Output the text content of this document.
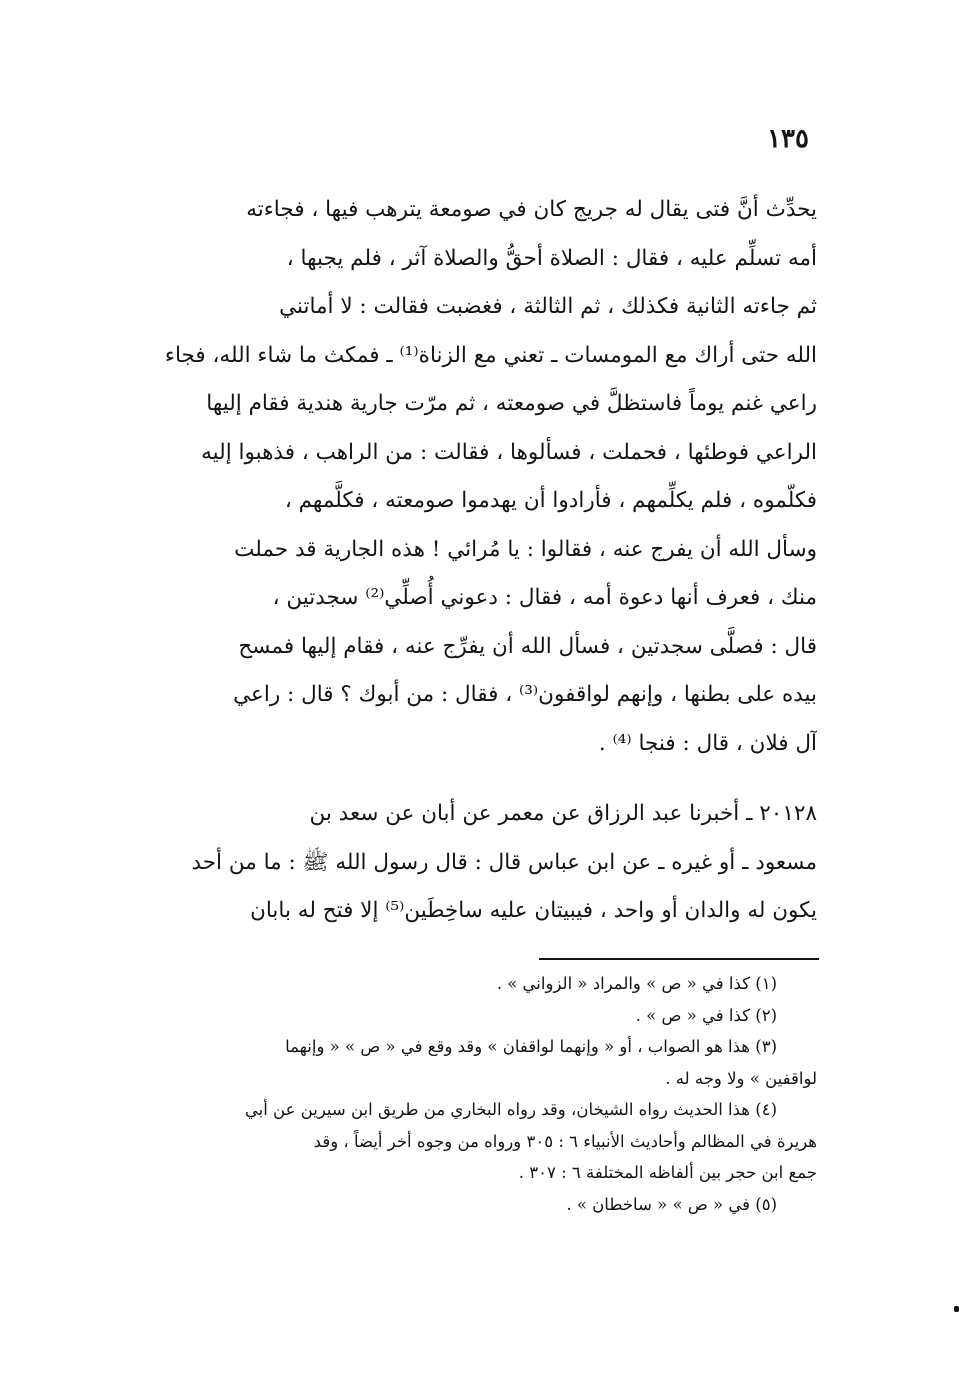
١٣٥
يحدِّث أنَّ فتى يقال له جريج كان في صومعة يترهب فيها ، فجاءته
أمه تسلِّم عليه ، فقال : الصلاة أحقُّ والصلاة آثر ، فلم يجبها ،
ثم جاءته الثانية فكذلك ، ثم الثالثة ، فغضبت فقالت : لا أماتني
الله حتى أراك مع المومسات ـ تعني مع الزناة⁽¹⁾ ـ فمكث ما شاء الله، فجاء
راعي غنم يوماً فاستظلَّ في صومعته ، ثم مرّت جارية هندية فقام إليها
الراعي فوطئها ، فحملت ، فسألوها ، فقالت : من الراهب ، فذهبوا إليه
فكلّموه ، فلم يكلِّمهم ، فأرادوا أن يهدموا صومعته ، فكلَّمهم ،
وسأل الله أن يفرج عنه ، فقالوا : يا مُرائي ! هذه الجارية قد حملت
منك ، فعرف أنها دعوة أمه ، فقال : دعوني أُصلِّي⁽²⁾ سجدتين ،
قال : فصلَّى سجدتين ، فسأل الله أن يفرِّج عنه ، فقام إليها فمسح
بيده على بطنها ، وإنهم لواقفون⁽³⁾ ، فقال : من أبوك ؟ قال : راعي
آل فلان ، قال : فنجا ⁽⁴⁾ .
٢٠١٢٨ ـ أخبرنا عبد الرزاق عن معمر عن أبان عن سعد بن
مسعود ـ أو غيره ـ عن ابن عباس قال : قال رسول الله ﷺ : ما من أحد
يكون له والدان أو واحد ، فيبيتان عليه ساخِطَين⁽⁵⁾ إلا فتح له بابان
(١) كذا في « ص » والمراد « الزواني » .
(٢) كذا في « ص » .
(٣) هذا هو الصواب ، أو « وإنهما لواقفان » وقد وقع في « ص » « وإنهما
لواقفين » ولا وجه له .
(٤) هذا الحديث رواه الشيخان، وقد رواه البخاري من طريق ابن سيرين عن أبي
هريرة في المظالم وأحاديث الأنبياء ٦ : ٣٠٥ ورواه من وجوه أخر أيضاً ، وقد
جمع ابن حجر بين ألفاظه المختلفة ٦ : ٣٠٧ .
(٥) في « ص » « ساخطان » .
